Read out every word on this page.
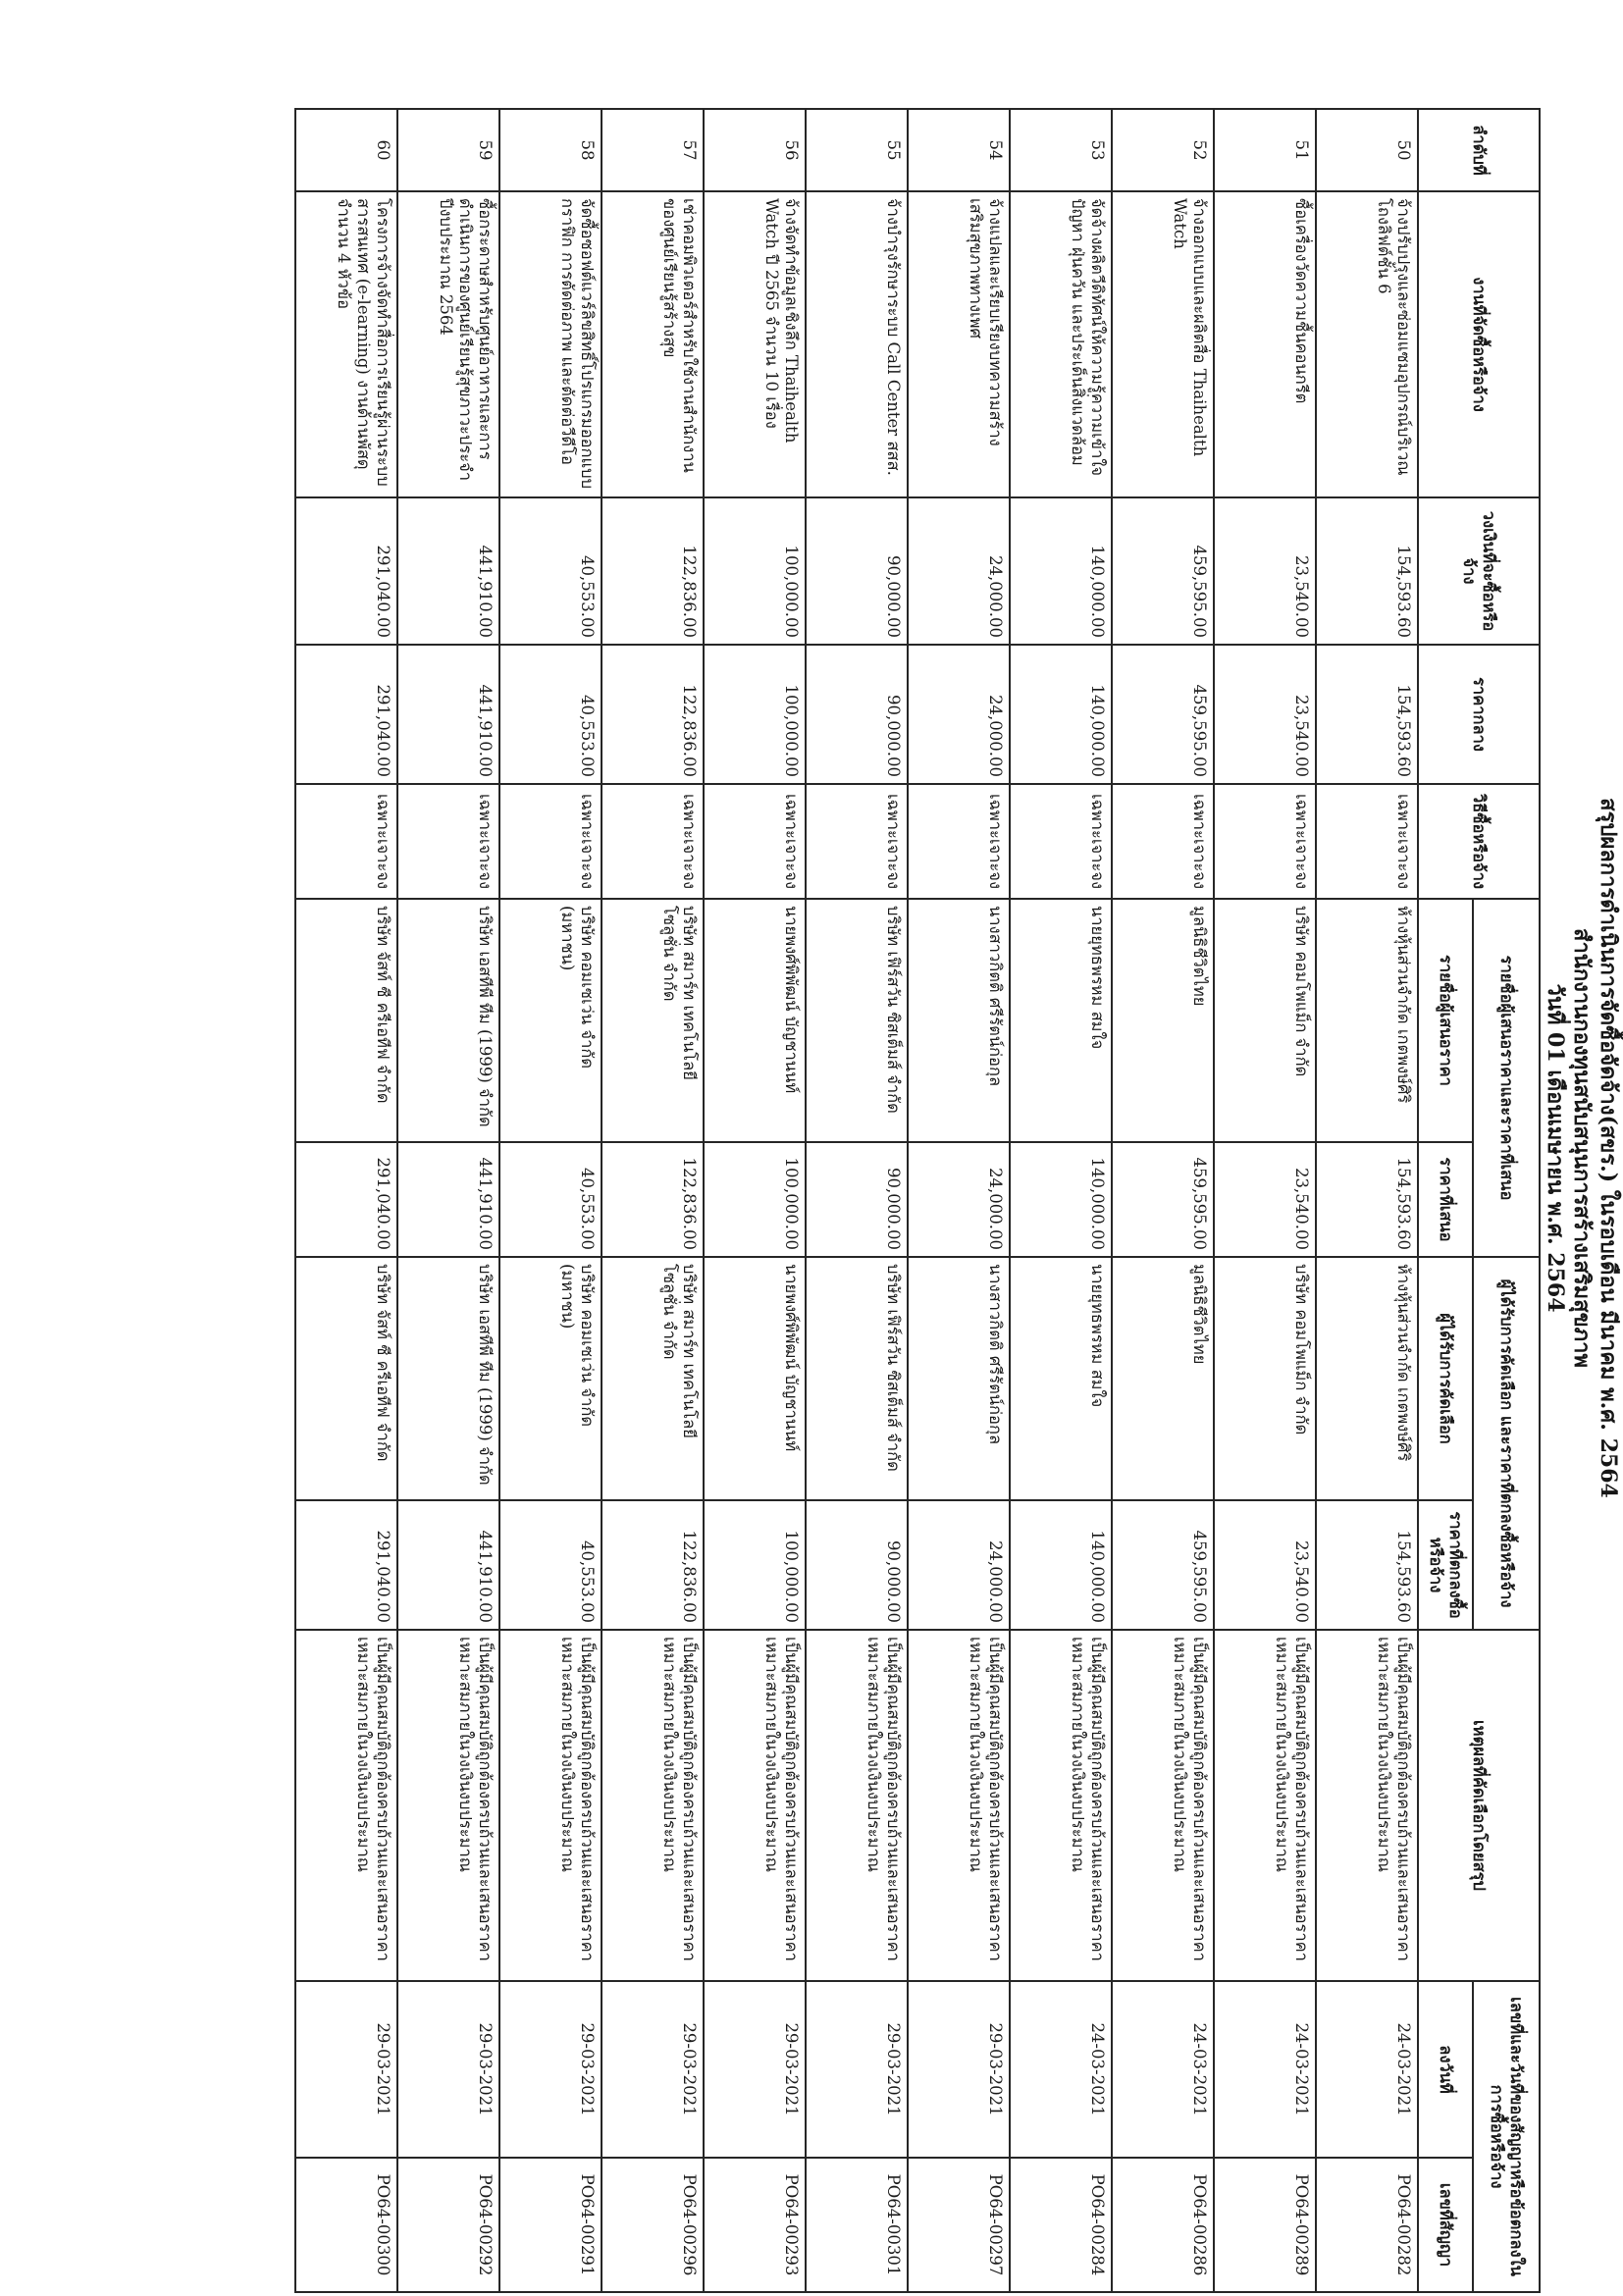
สรุปผลการดำเนินการจัดซื้อจัดจ้าง(สขร.) ในรอบเดือน มีนาคม พ.ศ. 2564
สำนักงานกองทุนสนับสนุนการสร้างเสริมสุขภาพ
วันที่ 01 เดือนเมษายน พ.ศ. 2564
ลำดับที่	งานที่จัดซื้อหรือจ้าง	วงเงินที่จะซื้อหรือจ้าง	ราคากลาง	วิธีซื้อหรือจ้าง	รายชื่อผู้เสนอราคาและราคาที่เสนอ		ผู้ได้รับการคัดเลือก และราคาที่ตกลงซื้อหรือจ้าง		เหตุผลที่คัดเลือกโดยสรุป	เลขที่และวันที่ของสัญญาหรือข้อตกลงในการซื้อหรือจ้าง	
					รายชื่อผู้เสนอราคา	ราคาที่เสนอ	ผู้ได้รับการคัดเลือก	ราคาที่ตกลงซื้อหรือจ้าง		ลงวันที่	เลขที่สัญญา
50	จ้างปรับปรุงและซ่อมแซมอุปกรณ์บริเวณโถงลิฟต์ชั้น 6	154,593.60	154,593.60	เฉพาะเจาะจง	ห้างหุ้นส่วนจำกัด เกตพงษ์ศิริ	154,593.60	ห้างหุ้นส่วนจำกัด เกตพงษ์ศิริ	154,593.60	เป็นผู้มีคุณสมบัติถูกต้องครบถ้วนและเสนอราคาเหมาะสมภายในวงเงินงบประมาณ	24-03-2021	PO64-00282
51	ซื้อเครื่องวัดความชื้นคอนกรีต	23,540.00	23,540.00	เฉพาะเจาะจง	บริษัท คอมโพแม็ก จำกัด	23,540.00	บริษัท คอมโพแม็ก จำกัด	23,540.00	เป็นผู้มีคุณสมบัติถูกต้องครบถ้วนและเสนอราคาเหมาะสมภายในวงเงินงบประมาณ	24-03-2021	PO64-00289
52	จ้างออกแบบและผลิตสื่อ Thaihealth Watch	459,595.00	459,595.00	เฉพาะเจาะจง	มูลนิธิชีวิตไทย	459,595.00	มูลนิธิชีวิตไทย	459,595.00	เป็นผู้มีคุณสมบัติถูกต้องครบถ้วนและเสนอราคาเหมาะสมภายในวงเงินงบประมาณ	24-03-2021	PO64-00286
53	จัดจ้างผลิตวีดิทัศน์ให้ความรู้ความเข้าใจปัญหา ฝุ่นควัน และประเด็นสิ่งแวดล้อม	140,000.00	140,000.00	เฉพาะเจาะจง	นายยุทธพรหม สมใจ	140,000.00	นายยุทธพรหม สมใจ	140,000.00	เป็นผู้มีคุณสมบัติถูกต้องครบถ้วนและเสนอราคาเหมาะสมภายในวงเงินงบประมาณ	24-03-2021	PO64-00284
54	จ้างแปลและเรียบเรียงบทความสร้างเสริมสุขภาพทางเพศ	24,000.00	24,000.00	เฉพาะเจาะจง	นางสาวกิตติ ศรีรัตน์ก่อกุล	24,000.00	นางสาวกิตติ ศรีรัตน์ก่อกุล	24,000.00	เป็นผู้มีคุณสมบัติถูกต้องครบถ้วนและเสนอราคาเหมาะสมภายในวงเงินงบประมาณ	29-03-2021	PO64-00297
55	จ้างบำรุงรักษาระบบ Call Center สสส.	90,000.00	90,000.00	เฉพาะเจาะจง	บริษัท เฟิร์สวัน ซิสเต็มส์ จำกัด	90,000.00	บริษัท เฟิร์สวัน ซิสเต็มส์ จำกัด	90,000.00	เป็นผู้มีคุณสมบัติถูกต้องครบถ้วนและเสนอราคาเหมาะสมภายในวงเงินงบประมาณ	29-03-2021	PO64-00301
56	จ้างจัดทำข้อมูลเชิงลึก Thaihealth Watch ปี 2565 จำนวน 10 เรื่อง	100,000.00	100,000.00	เฉพาะเจาะจง	นายพงศ์พิพัฒน์ บัญชานนท์	100,000.00	นายพงศ์พิพัฒน์ บัญชานนท์	100,000.00	เป็นผู้มีคุณสมบัติถูกต้องครบถ้วนและเสนอราคาเหมาะสมภายในวงเงินงบประมาณ	29-03-2021	PO64-00293
57	เช่าคอมพิวเตอร์สำหรับใช้งานสำนักงานของศูนย์เรียนรู้สร้างสุข	122,836.00	122,836.00	เฉพาะเจาะจง	บริษัท สมาร์ท เทคโนโลยี โซลูชั่น จำกัด	122,836.00	บริษัท สมาร์ท เทคโนโลยี โซลูชั่น จำกัด	122,836.00	เป็นผู้มีคุณสมบัติถูกต้องครบถ้วนและเสนอราคาเหมาะสมภายในวงเงินงบประมาณ	29-03-2021	PO64-00296
58	จัดซื้อซอฟต์แวร์ลิขสิทธิ์โปรแกรมออกแบบกราฟิก การตัดต่อภาพ และตัดต่อวีดีโอ	40,553.00	40,553.00	เฉพาะเจาะจง	บริษัท คอมเซเว่น จำกัด (มหาชน)	40,553.00	บริษัท คอมเซเว่น จำกัด (มหาชน)	40,553.00	เป็นผู้มีคุณสมบัติถูกต้องครบถ้วนและเสนอราคาเหมาะสมภายในวงเงินงบประมาณ	29-03-2021	PO64-00291
59	ซื้อกระดาษสำหรับศูนย์อาหารและการดำเนินการของศูนย์เรียนรู้สุขภาวะประจำปีงบประมาณ 2564	441,910.00	441,910.00	เฉพาะเจาะจง	บริษัท เอสทีพี ทีม (1999) จำกัด	441,910.00	บริษัท เอสทีพี ทีม (1999) จำกัด	441,910.00	เป็นผู้มีคุณสมบัติถูกต้องครบถ้วนและเสนอราคาเหมาะสมภายในวงเงินงบประมาณ	29-03-2021	PO64-00292
60	โครงการจ้างจัดทำสื่อการเรียนรู้ผ่านระบบสารสนเทศ (e-learning) งานด้านพัสดุ จำนวน 4 หัวข้อ	291,040.00	291,040.00	เฉพาะเจาะจง	บริษัท จัสท์ ซี ครีเอทีฟ จำกัด	291,040.00	บริษัท จัสท์ ซี ครีเอทีฟ จำกัด	291,040.00	เป็นผู้มีคุณสมบัติถูกต้องครบถ้วนและเสนอราคาเหมาะสมภายในวงเงินงบประมาณ	29-03-2021	PO64-00300
